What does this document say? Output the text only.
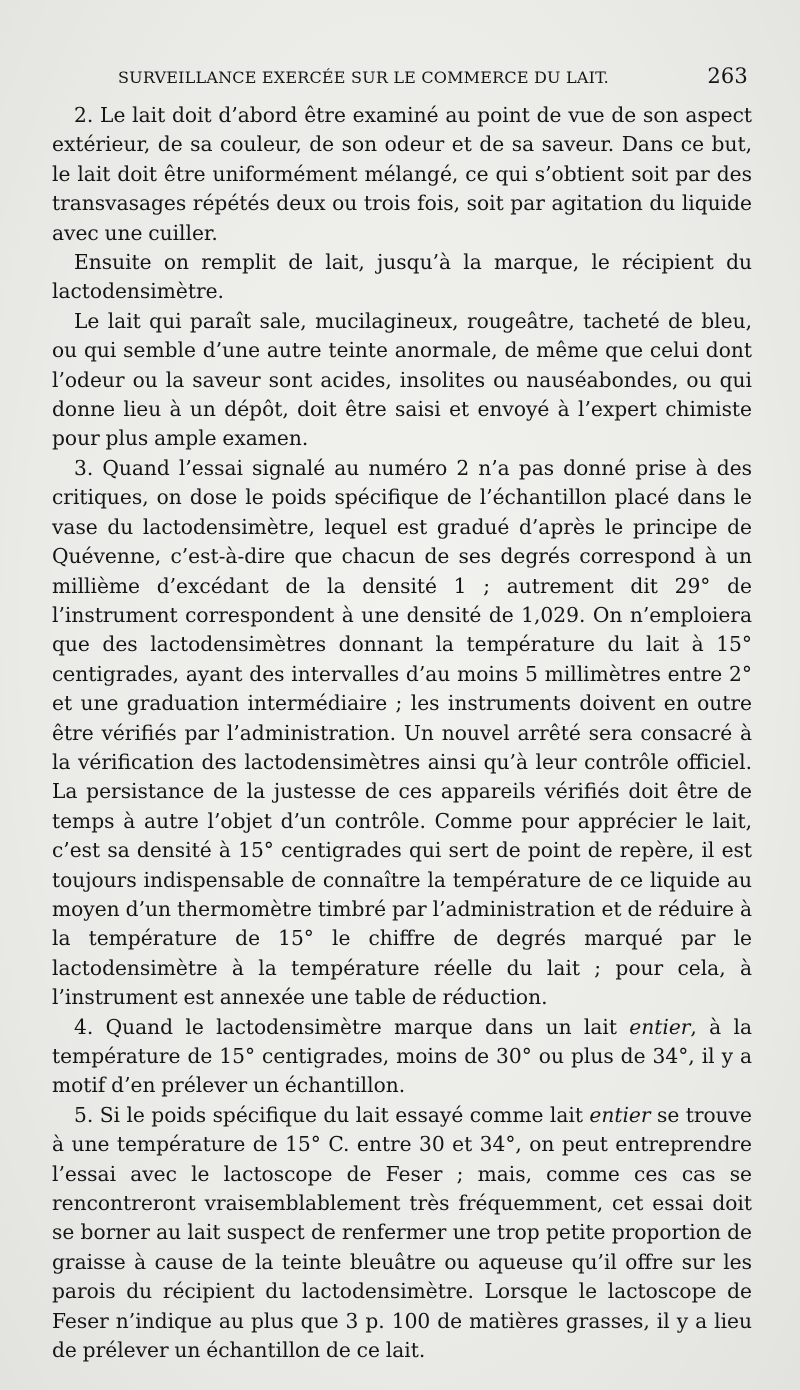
SURVEILLANCE EXERCÉE SUR LE COMMERCE DU LAIT.	263

2. Le lait doit d’abord être examiné au point de vue de son aspect extérieur, de sa couleur, de son odeur et de sa saveur. Dans ce but, le lait doit être uniformément mélangé, ce qui s’obtient soit par des transvasages répétés deux ou trois fois, soit par agitation du liquide avec une cuiller.

Ensuite on remplit de lait, jusqu’à la marque, le récipient du lactodensimètre.

Le lait qui paraît sale, mucilagineux, rougeâtre, tacheté de bleu, ou qui semble d’une autre teinte anormale, de même que celui dont l’odeur ou la saveur sont acides, insolites ou nauséabondes, ou qui donne lieu à un dépôt, doit être saisi et envoyé à l’expert chimiste pour plus ample examen.

3. Quand l’essai signalé au numéro 2 n’a pas donné prise à des critiques, on dose le poids spécifique de l’échantillon placé dans le vase du lactodensimètre, lequel est gradué d’après le principe de Quévenne, c’est-à-dire que chacun de ses degrés correspond à un millième d’excédant de la densité 1 ; autrement dit 29° de l’instrument correspondent à une densité de 1,029. On n’emploiera que des lactodensimètres donnant la température du lait à 15° centigrades, ayant des intervalles d’au moins 5 millimètres entre 2° et une graduation intermédiaire ; les instruments doivent en outre être vérifiés par l’administration. Un nouvel arrêté sera consacré à la vérification des lactodensimètres ainsi qu’à leur contrôle officiel. La persistance de la justesse de ces appareils vérifiés doit être de temps à autre l’objet d’un contrôle. Comme pour apprécier le lait, c’est sa densité à 15° centigrades qui sert de point de repère, il est toujours indispensable de connaître la température de ce liquide au moyen d’un thermomètre timbré par l’administration et de réduire à la température de 15° le chiffre de degrés marqué par le lactodensimètre à la température réelle du lait ; pour cela, à l’instrument est annexée une table de réduction.

4. Quand le lactodensimètre marque dans un lait entier, à la température de 15° centigrades, moins de 30° ou plus de 34°, il y a motif d’en prélever un échantillon.

5. Si le poids spécifique du lait essayé comme lait entier se trouve à une température de 15° C. entre 30 et 34°, on peut entreprendre l’essai avec le lactoscope de Feser ; mais, comme ces cas se rencontreront vraisemblablement très fréquemment, cet essai doit se borner au lait suspect de renfermer une trop petite proportion de graisse à cause de la teinte bleuâtre ou aqueuse qu’il offre sur les parois du récipient du lactodensimètre. Lorsque le lactoscope de Feser n’indique au plus que 3 p. 100 de matières grasses, il y a lieu de prélever un échantillon de ce lait.
